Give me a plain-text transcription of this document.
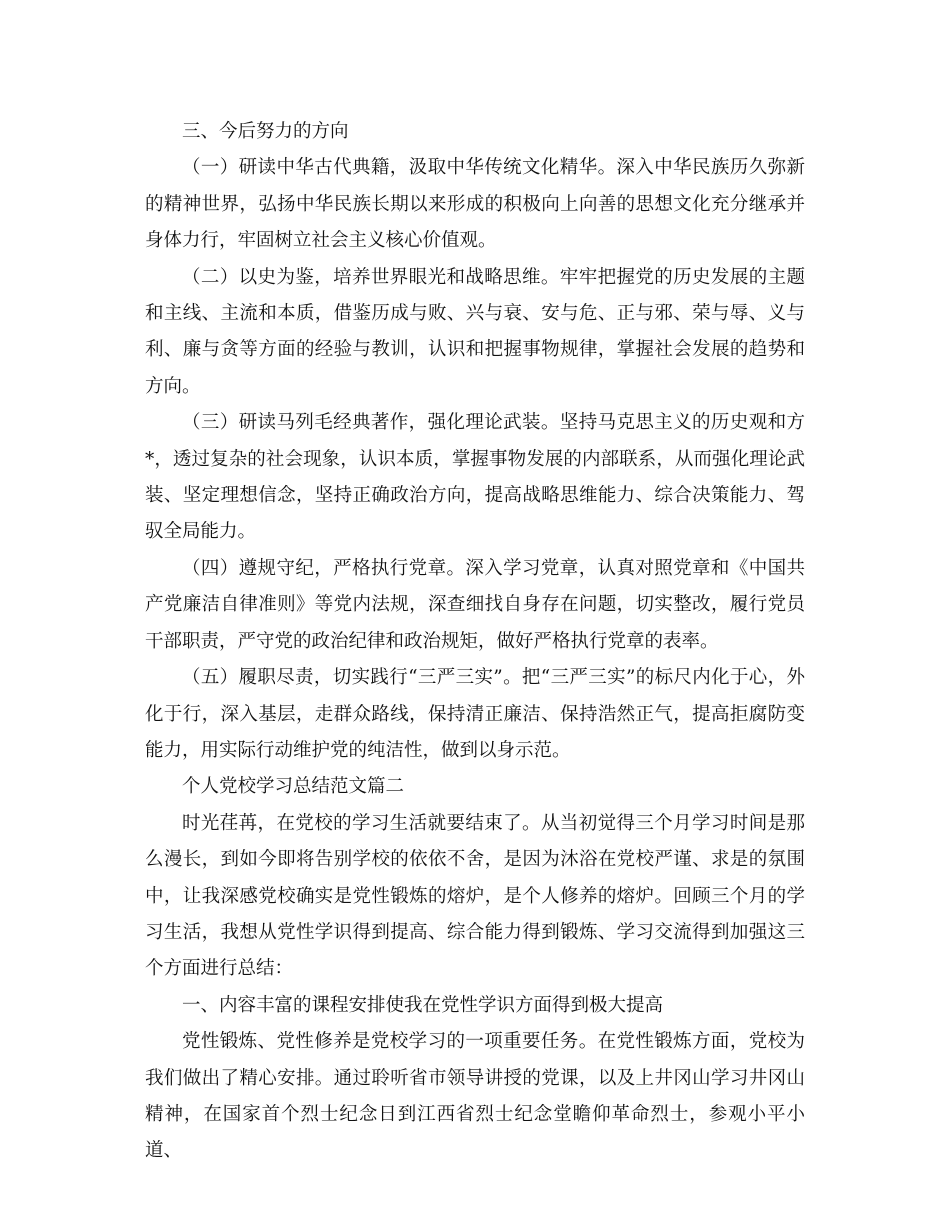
三、今后努力的方向

（一）研读中华古代典籍，汲取中华传统文化精华。深入中华民族历久弥新的精神世界，弘扬中华民族长期以来形成的积极向上向善的思想文化充分继承并身体力行，牢固树立社会主义核心价值观。

（二）以史为鉴，培养世界眼光和战略思维。牢牢把握党的历史发展的主题和主线、主流和本质，借鉴历成与败、兴与衰、安与危、正与邪、荣与辱、义与利、廉与贪等方面的经验与教训，认识和把握事物规律，掌握社会发展的趋势和方向。

（三）研读马列毛经典著作，强化理论武装。坚持马克思主义的历史观和方*，透过复杂的社会现象，认识本质，掌握事物发展的内部联系，从而强化理论武装、坚定理想信念，坚持正确政治方向，提高战略思维能力、综合决策能力、驾驭全局能力。

（四）遵规守纪，严格执行党章。深入学习党章，认真对照党章和《中国共产党廉洁自律准则》等党内法规，深查细找自身存在问题，切实整改，履行党员干部职责，严守党的政治纪律和政治规矩，做好严格执行党章的表率。

（五）履职尽责，切实践行“三严三实”。把“三严三实”的标尺内化于心，外化于行，深入基层，走群众路线，保持清正廉洁、保持浩然正气，提高拒腐防变能力，用实际行动维护党的纯洁性，做到以身示范。

个人党校学习总结范文篇二

时光荏苒，在党校的学习生活就要结束了。从当初觉得三个月学习时间是那么漫长，到如今即将告别学校的依依不舍，是因为沐浴在党校严谨、求是的氛围中，让我深感党校确实是党性锻炼的熔炉，是个人修养的熔炉。回顾三个月的学习生活，我想从党性学识得到提高、综合能力得到锻炼、学习交流得到加强这三个方面进行总结：

一、内容丰富的课程安排使我在党性学识方面得到极大提高

党性锻炼、党性修养是党校学习的一项重要任务。在党性锻炼方面，党校为我们做出了精心安排。通过聆听省市领导讲授的党课，以及上井冈山学习井冈山精神，在国家首个烈士纪念日到江西省烈士纪念堂瞻仰革命烈士，参观小平小道、
